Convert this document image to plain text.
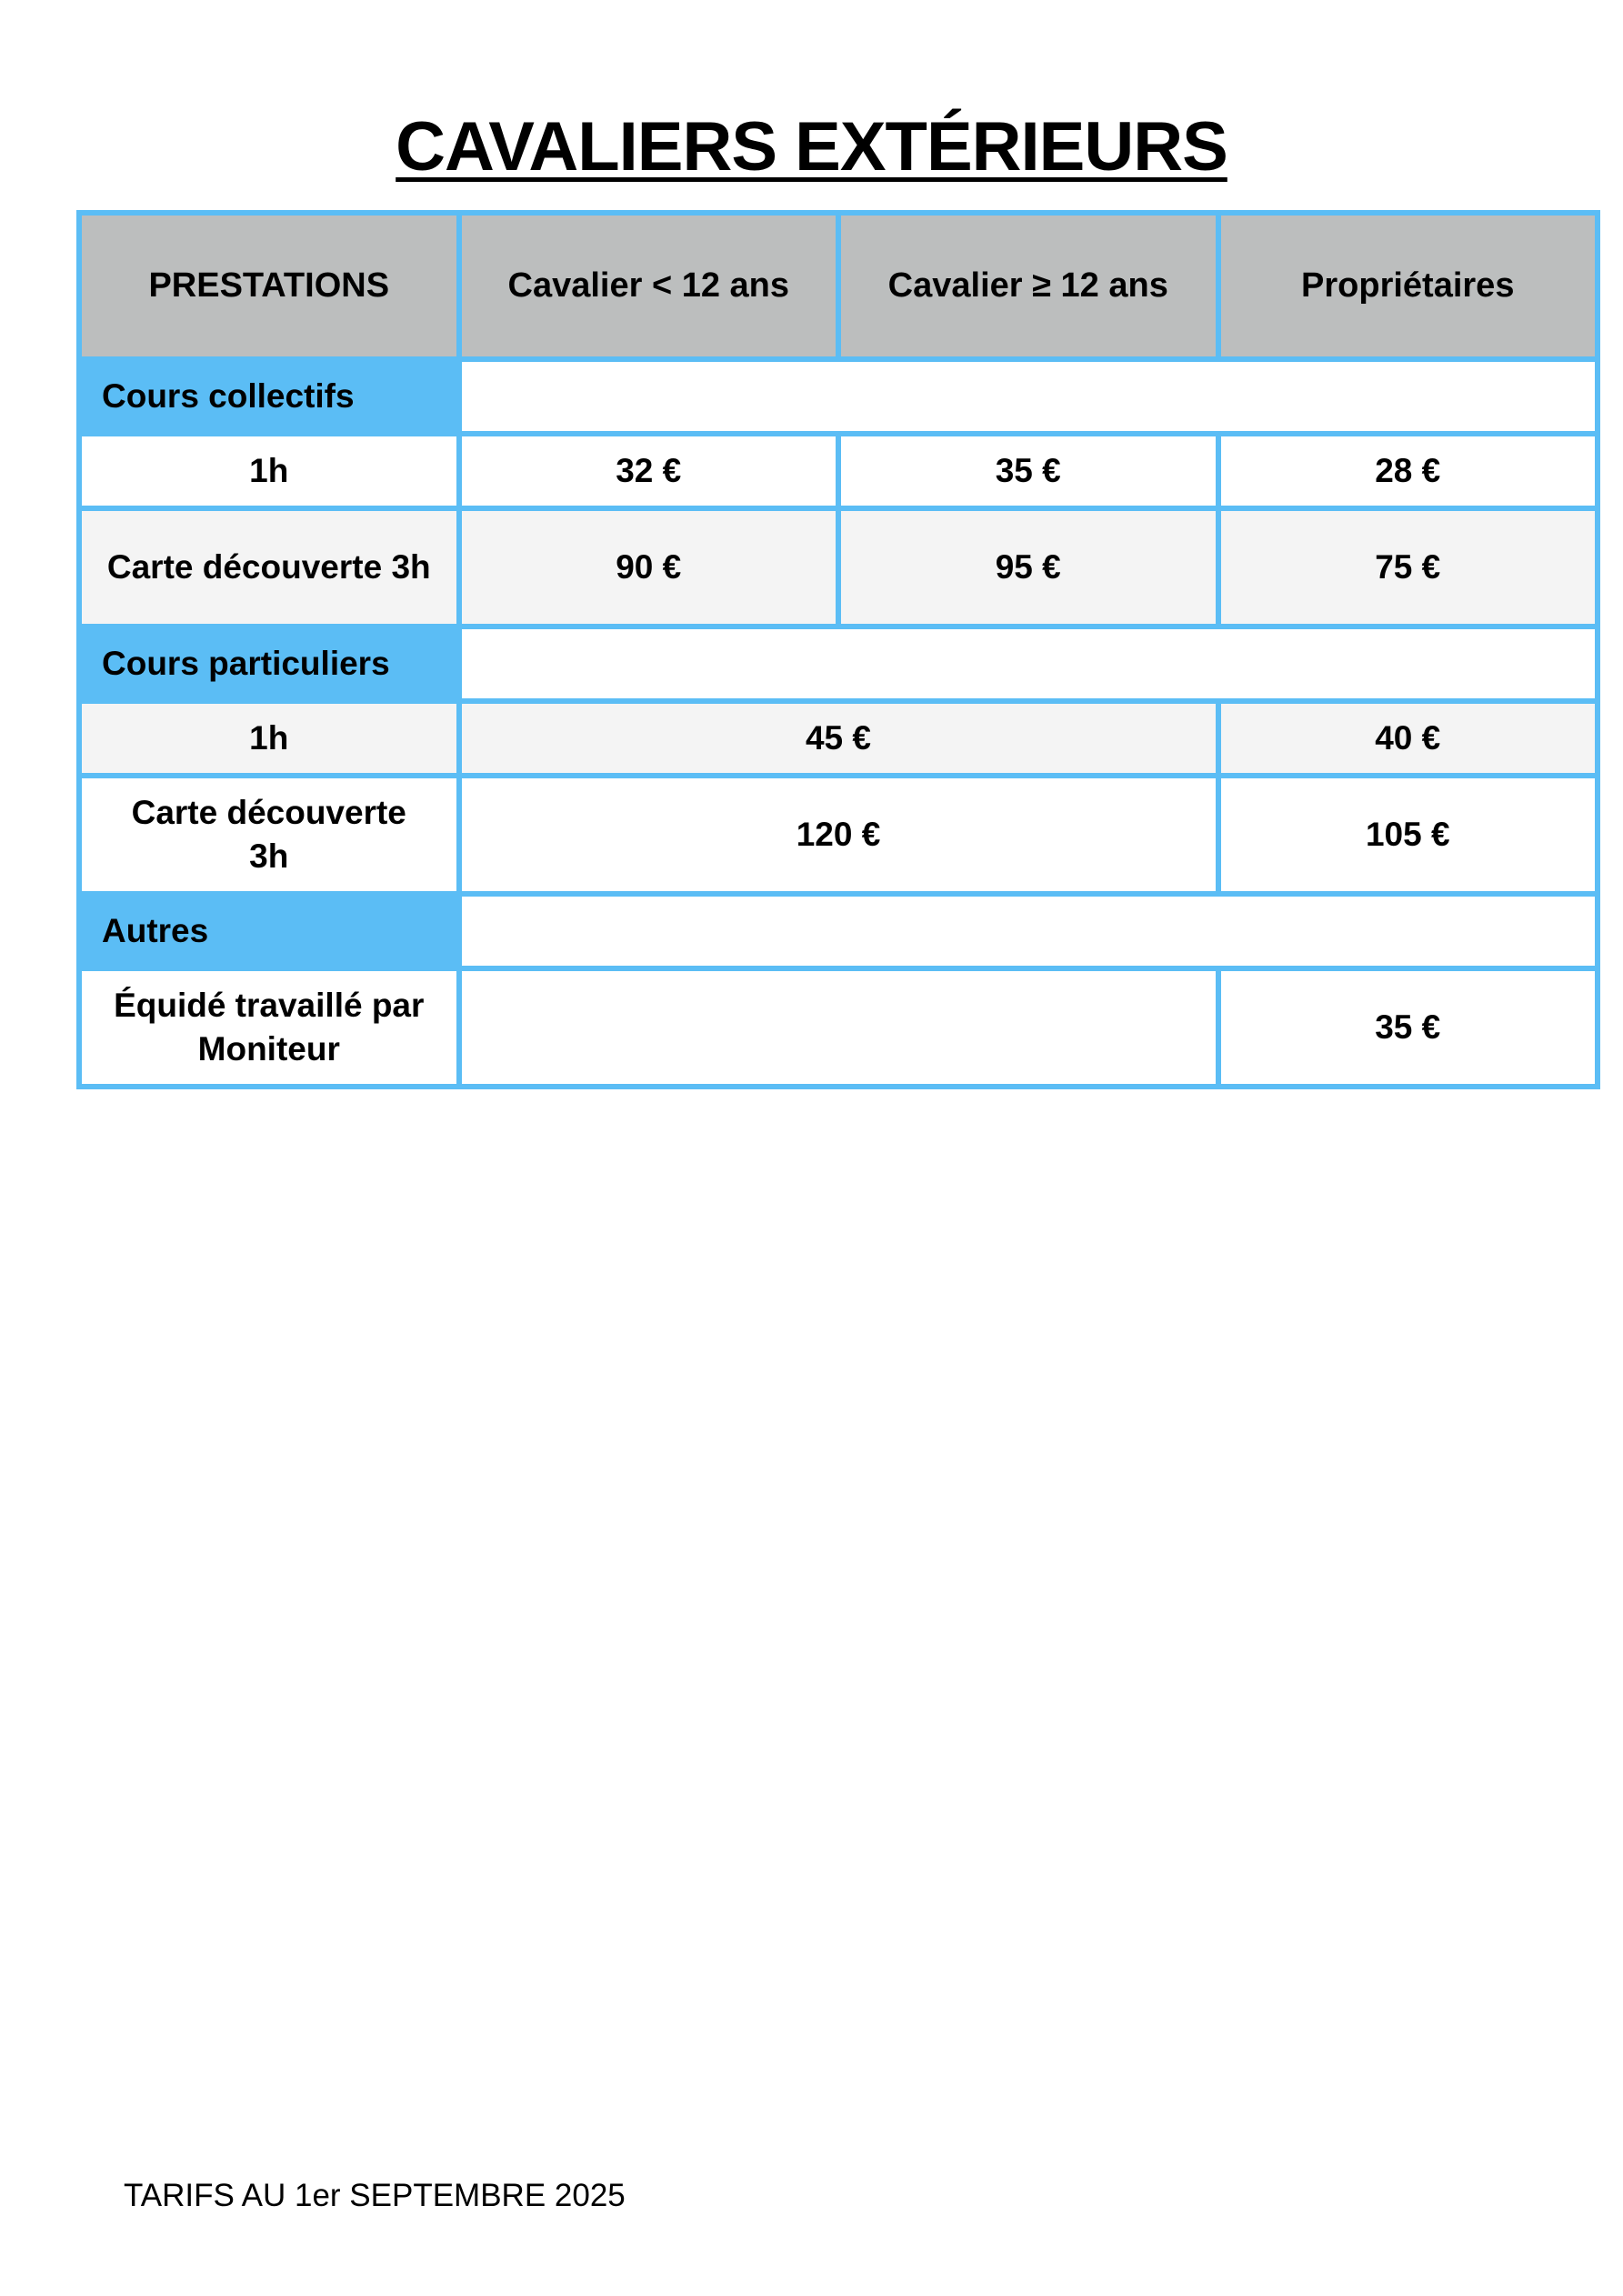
CAVALIERS EXTÉRIEURS
PRESTATIONS	Cavalier < 12 ans	Cavalier ≥ 12 ans	Propriétaires
Cours collectifs			
1h	32 €	35 €	28 €
Carte découverte 3h	90 €	95 €	75 €
Cours particuliers			
1h	45 €		40 €
Carte découverte 3h	120 €		105 €
Autres			
Équidé travaillé par Moniteur			35 €
TARIFS AU 1er SEPTEMBRE 2025
